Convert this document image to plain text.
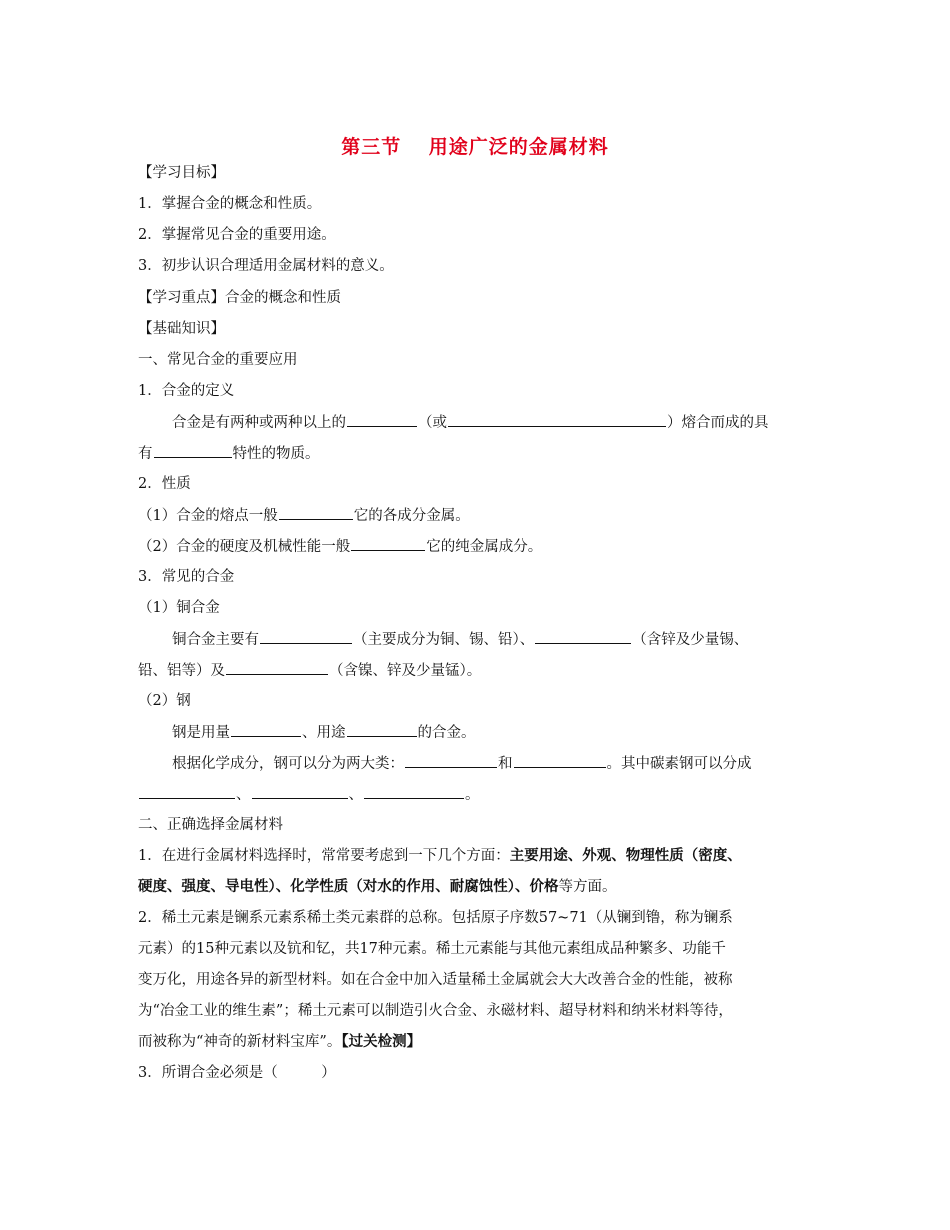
第三节　 用途广泛的金属材料
【学习目标】
1．掌握合金的概念和性质。
2．掌握常见合金的重要用途。
3．初步认识合理适用金属材料的意义。
【学习重点】合金的概念和性质
【基础知识】
一、常见合金的重要应用
1．合金的定义
合金是有两种或两种以上的	（或	）熔合而成的具
有	特性的物质。
2．性质
（1）合金的熔点一般	它的各成分金属。
（2）合金的硬度及机械性能一般	它的纯金属成分。
3．常见的合金
（1）铜合金
铜合金主要有	（主要成分为铜、锡、铅）、	（含锌及少量锡、
铅、铝等）及	（含镍、锌及少量锰）。
（2）钢
钢是用量	、用途	的合金。
根据化学成分，钢可以分为两大类：	和	。其中碳素钢可以分成
、	、	。
二、正确选择金属材料
1．在进行金属材料选择时，常常要考虑到一下几个方面：主要用途、外观、物理性质（密度、
硬度、强度、导电性）、化学性质（对水的作用、耐腐蚀性）、价格等方面。
2．稀土元素是镧系元素系稀土类元素群的总称。包括原子序数57~71（从镧到镥，称为镧系
元素）的15种元素以及钪和钇，共17种元素。稀土元素能与其他元素组成品种繁多、功能千
变万化，用途各异的新型材料。如在合金中加入适量稀土金属就会大大改善合金的性能，被称
为“冶金工业的维生素”；稀土元素可以制造引火合金、永磁材料、超导材料和纳米材料等待，
而被称为“神奇的新材料宝库”。【过关检测】
3．所谓合金必须是（　　　）
